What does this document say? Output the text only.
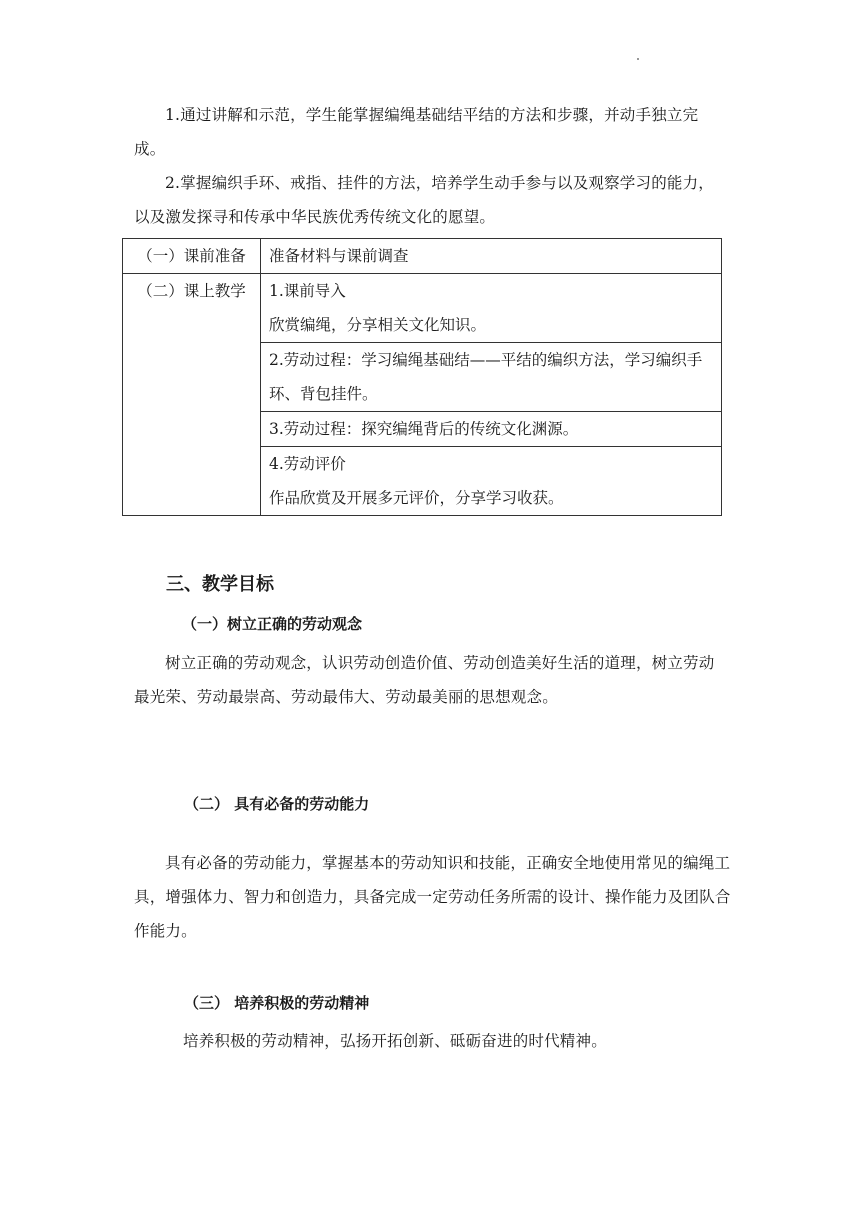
1.通过讲解和示范，学生能掌握编绳基础结平结的方法和步骤，并动手独立完成。

2.掌握编织手环、戒指、挂件的方法，培养学生动手参与以及观察学习的能力，以及激发探寻和传承中华民族优秀传统文化的愿望。

（一）课前准备	准备材料与课前调查
（二）课上教学	1.课前导入
欣赏编绳，分享相关文化知识。

	2.劳动过程：学习编绳基础结——平结的编织方法，学习编织手环、背包挂件。
	3.劳动过程：探究编绳背后的传统文化渊源。

	4.劳动评价
作品欣赏及开展多元评价，分享学习收获。
三、教学目标
（一）树立正确的劳动观念

树立正确的劳动观念，认识劳动创造价值、劳动创造美好生活的道理，树立劳动最光荣、劳动最崇高、劳动最伟大、劳动最美丽的思想观念。

（二） 具有必备的劳动能力

具有必备的劳动能力，掌握基本的劳动知识和技能，正确安全地使用常见的编绳工具，增强体力、智力和创造力，具备完成一定劳动任务所需的设计、操作能力及团队合作能力。

（三） 培养积极的劳动精神

培养积极的劳动精神，弘扬开拓创新、砥砺奋进的时代精神。
